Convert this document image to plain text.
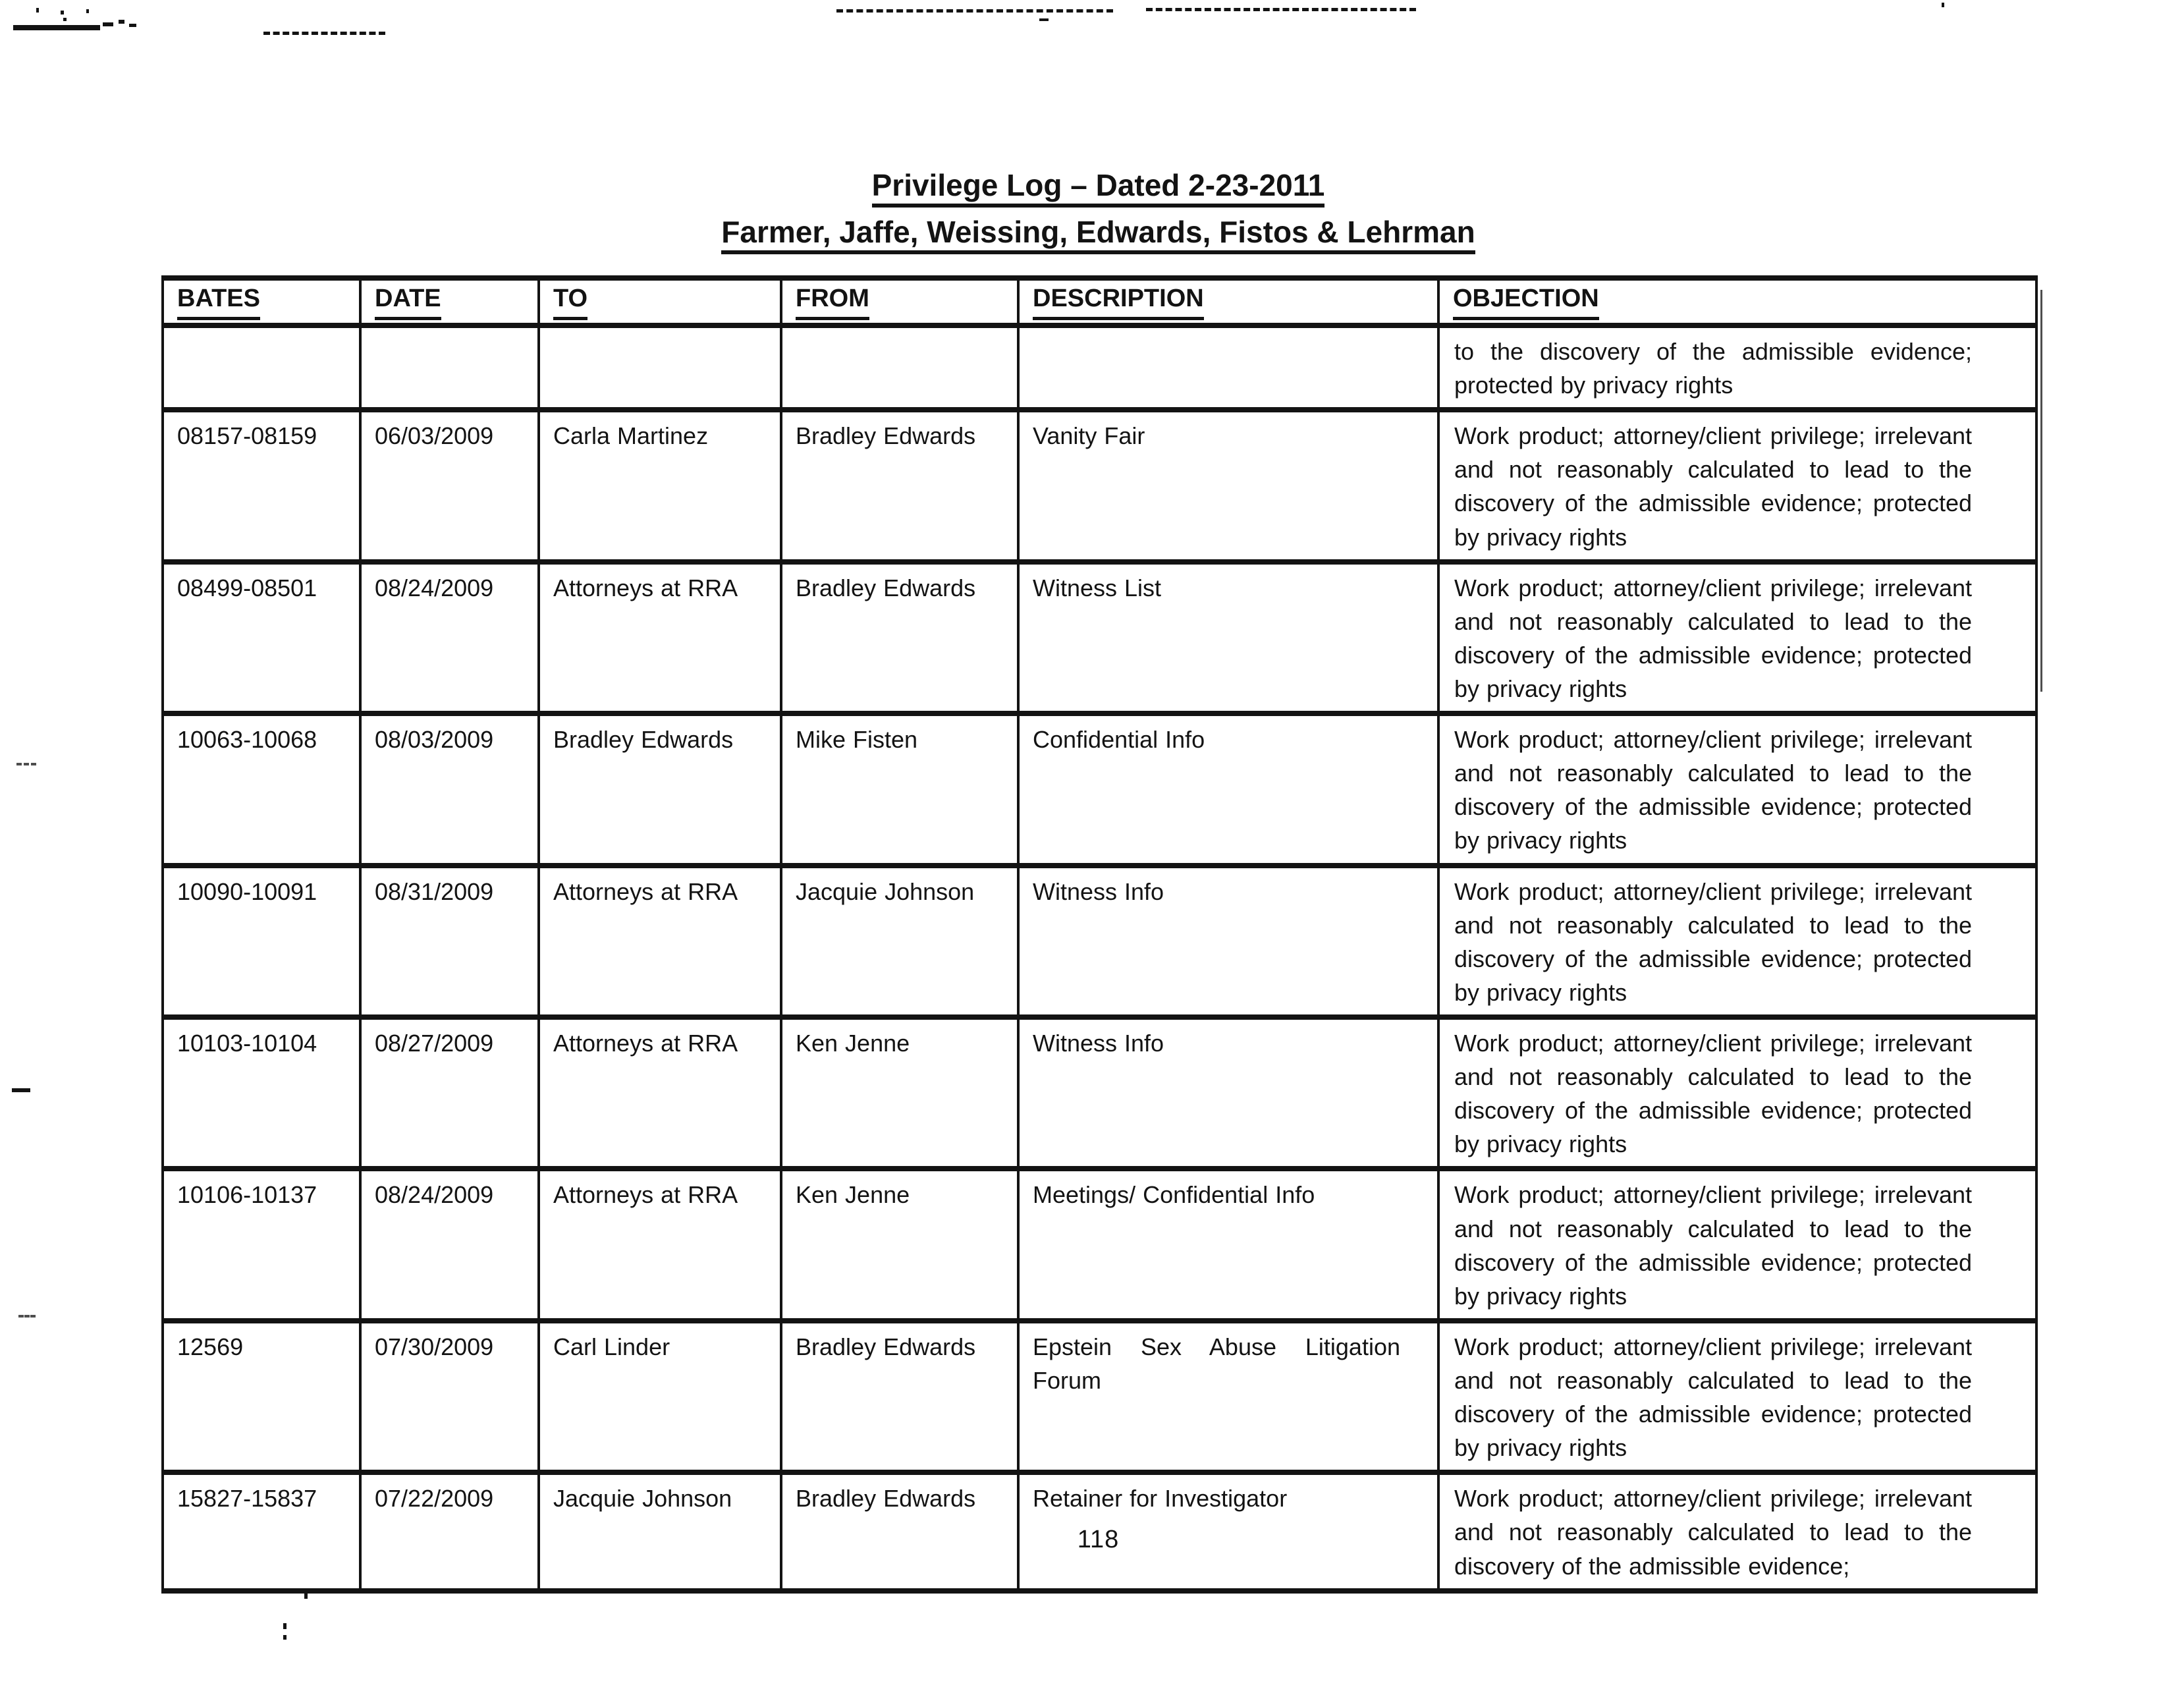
Privilege Log – Dated 2-23-2011
Farmer, Jaffe, Weissing, Edwards, Fistos & Lehrman
BATES	DATE	TO	FROM	DESCRIPTION	OBJECTION
					to the discovery of the admissible evidence; protected by privacy rights
08157-08159	06/03/2009	Carla Martinez	Bradley Edwards	Vanity Fair	Work product; attorney/client privilege; irrelevant and not reasonably calculated to lead to the discovery of the admissible evidence; protected by privacy rights
08499-08501	08/24/2009	Attorneys at RRA	Bradley Edwards	Witness List	Work product; attorney/client privilege; irrelevant and not reasonably calculated to lead to the discovery of the admissible evidence; protected by privacy rights
10063-10068	08/03/2009	Bradley Edwards	Mike Fisten	Confidential Info	Work product; attorney/client privilege; irrelevant and not reasonably calculated to lead to the discovery of the admissible evidence; protected by privacy rights
10090-10091	08/31/2009	Attorneys at RRA	Jacquie Johnson	Witness Info	Work product; attorney/client privilege; irrelevant and not reasonably calculated to lead to the discovery of the admissible evidence; protected by privacy rights
10103-10104	08/27/2009	Attorneys at RRA	Ken Jenne	Witness Info	Work product; attorney/client privilege; irrelevant and not reasonably calculated to lead to the discovery of the admissible evidence; protected by privacy rights
10106-10137	08/24/2009	Attorneys at RRA	Ken Jenne	Meetings/ Confidential Info	Work product; attorney/client privilege; irrelevant and not reasonably calculated to lead to the discovery of the admissible evidence; protected by privacy rights
12569	07/30/2009	Carl Linder	Bradley Edwards	Epstein Sex Abuse Litigation Forum	Work product; attorney/client privilege; irrelevant and not reasonably calculated to lead to the discovery of the admissible evidence; protected by privacy rights
15827-15837	07/22/2009	Jacquie Johnson	Bradley Edwards	Retainer for Investigator	Work product; attorney/client privilege; irrelevant and not reasonably calculated to lead to the discovery of the admissible evidence;
118
